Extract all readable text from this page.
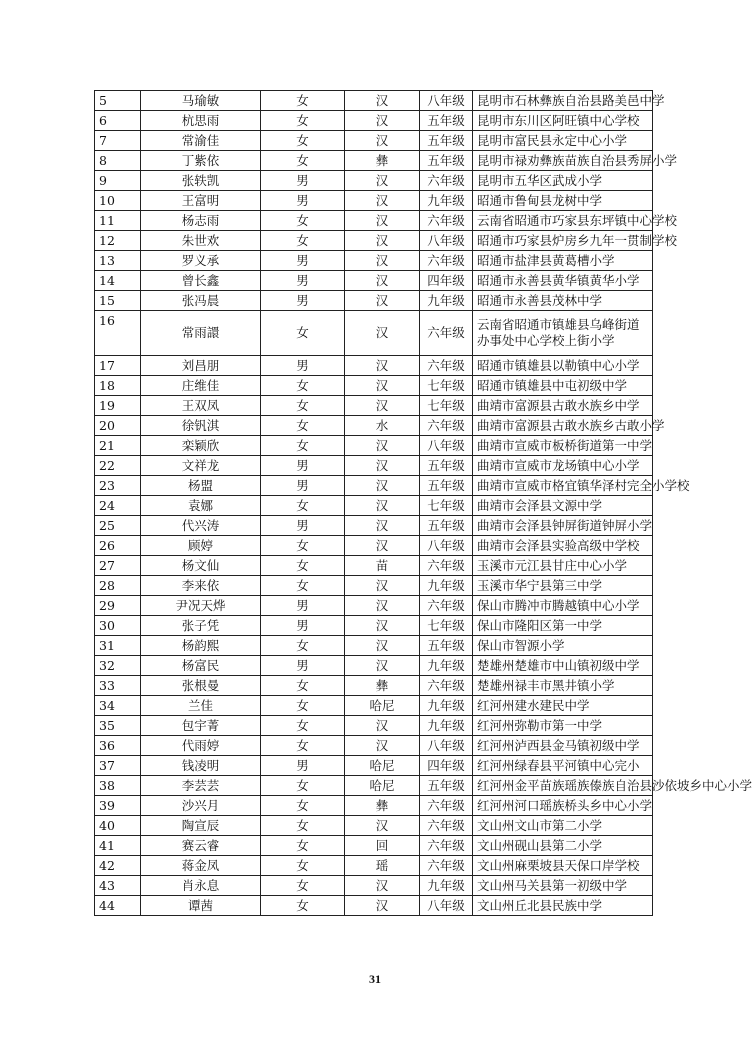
5	马瑜敏	女	汉	八年级	昆明市石林彝族自治县路美邑中学
6	杭思雨	女	汉	五年级	昆明市东川区阿旺镇中心学校
7	常渝佳	女	汉	五年级	昆明市富民县永定中心小学
8	丁紫依	女	彝	五年级	昆明市禄劝彝族苗族自治县秀屏小学
9	张轶凯	男	汉	六年级	昆明市五华区武成小学
10	王富明	男	汉	九年级	昭通市鲁甸县龙树中学
11	杨志雨	女	汉	六年级	云南省昭通市巧家县东坪镇中心学校
12	朱世欢	女	汉	八年级	昭通市巧家县炉房乡九年一贯制学校
13	罗义承	男	汉	六年级	昭通市盐津县黄葛槽小学
14	曾长鑫	男	汉	四年级	昭通市永善县黄华镇黄华小学
15	张冯晨	男	汉	九年级	昭通市永善县茂林中学
16	常雨譞	女	汉	六年级	云南省昭通市镇雄县乌峰街道办事处中心学校上街小学
17	刘昌朋	男	汉	六年级	昭通市镇雄县以勒镇中心小学
18	庄维佳	女	汉	七年级	昭通市镇雄县中屯初级中学
19	王双凤	女	汉	七年级	曲靖市富源县古敢水族乡中学
20	徐钒淇	女	水	六年级	曲靖市富源县古敢水族乡古敢小学
21	栾颖欣	女	汉	八年级	曲靖市宣威市板桥街道第一中学
22	文祥龙	男	汉	五年级	曲靖市宣威市龙场镇中心小学
23	杨盟	男	汉	五年级	曲靖市宣威市格宜镇华泽村完全小学校
24	袁娜	女	汉	七年级	曲靖市会泽县文源中学
25	代兴涛	男	汉	五年级	曲靖市会泽县钟屏街道钟屏小学
26	顾婷	女	汉	八年级	曲靖市会泽县实验高级中学校
27	杨文仙	女	苗	六年级	玉溪市元江县甘庄中心小学
28	李来依	女	汉	九年级	玉溪市华宁县第三中学
29	尹况天烨	男	汉	六年级	保山市腾冲市腾越镇中心小学
30	张子凭	男	汉	七年级	保山市隆阳区第一中学
31	杨韵熙	女	汉	五年级	保山市智源小学
32	杨富民	男	汉	九年级	楚雄州楚雄市中山镇初级中学
33	张根曼	女	彝	六年级	楚雄州禄丰市黑井镇小学
34	兰佳	女	哈尼	九年级	红河州建水建民中学
35	包宇菁	女	汉	九年级	红河州弥勒市第一中学
36	代雨婷	女	汉	八年级	红河州泸西县金马镇初级中学
37	钱凌明	男	哈尼	四年级	红河州绿春县平河镇中心完小
38	李芸芸	女	哈尼	五年级	红河州金平苗族瑶族傣族自治县沙依坡乡中心小学
39	沙兴月	女	彝	六年级	红河州河口瑶族桥头乡中心小学
40	陶宣辰	女	汉	六年级	文山州文山市第二小学
41	赛云睿	女	回	六年级	文山州砚山县第二小学
42	蒋金凤	女	瑶	六年级	文山州麻栗坡县天保口岸学校
43	肖永息	女	汉	九年级	文山州马关县第一初级中学
44	谭茜	女	汉	八年级	文山州丘北县民族中学
31
